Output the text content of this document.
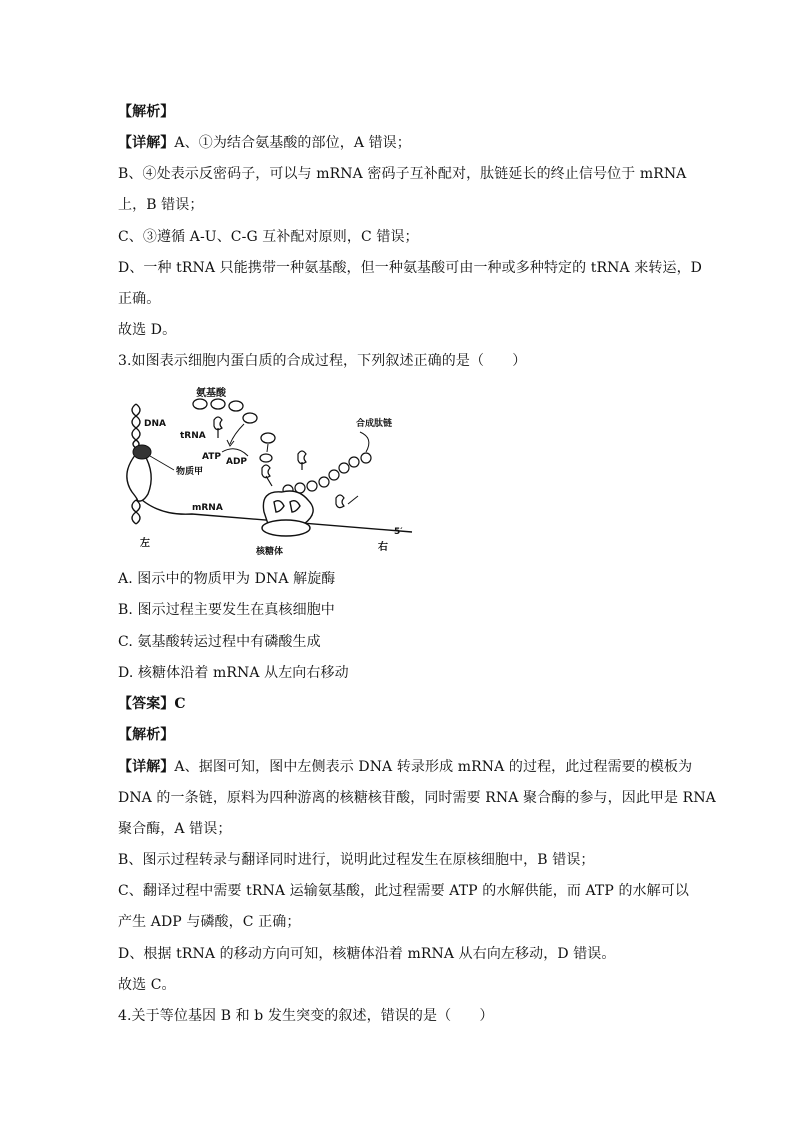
【解析】
【详解】A、①为结合氨基酸的部位，A 错误；
B、④处表示反密码子，可以与 mRNA 密码子互补配对，肽链延长的终止信号位于 mRNA
上，B 错误；
C、③遵循 A-U、C-G 互补配对原则，C 错误；
D、一种 tRNA 只能携带一种氨基酸，但一种氨基酸可由一种或多种特定的 tRNA 来转运，D
正确。
故选 D。
3.如图表示细胞内蛋白质的合成过程，下列叙述正确的是（　　）
氨基酸
tRNA
ATP ADP
DNA
物质甲
合成肽链
mRNA
核糖体
左	右
5′
A. 图示中的物质甲为 DNA 解旋酶
B. 图示过程主要发生在真核细胞中
C. 氨基酸转运过程中有磷酸生成
D. 核糖体沿着 mRNA 从左向右移动
【答案】C
【解析】
【详解】A、据图可知，图中左侧表示 DNA 转录形成 mRNA 的过程，此过程需要的模板为
DNA 的一条链，原料为四种游离的核糖核苷酸，同时需要 RNA 聚合酶的参与，因此甲是 RNA
聚合酶，A 错误；
B、图示过程转录与翻译同时进行，说明此过程发生在原核细胞中，B 错误；
C、翻译过程中需要 tRNA 运输氨基酸，此过程需要 ATP 的水解供能，而 ATP 的水解可以
产生 ADP 与磷酸，C 正确；
D、根据 tRNA 的移动方向可知，核糖体沿着 mRNA 从右向左移动，D 错误。
故选 C。
4.关于等位基因 B 和 b 发生突变的叙述，错误的是（　　）
